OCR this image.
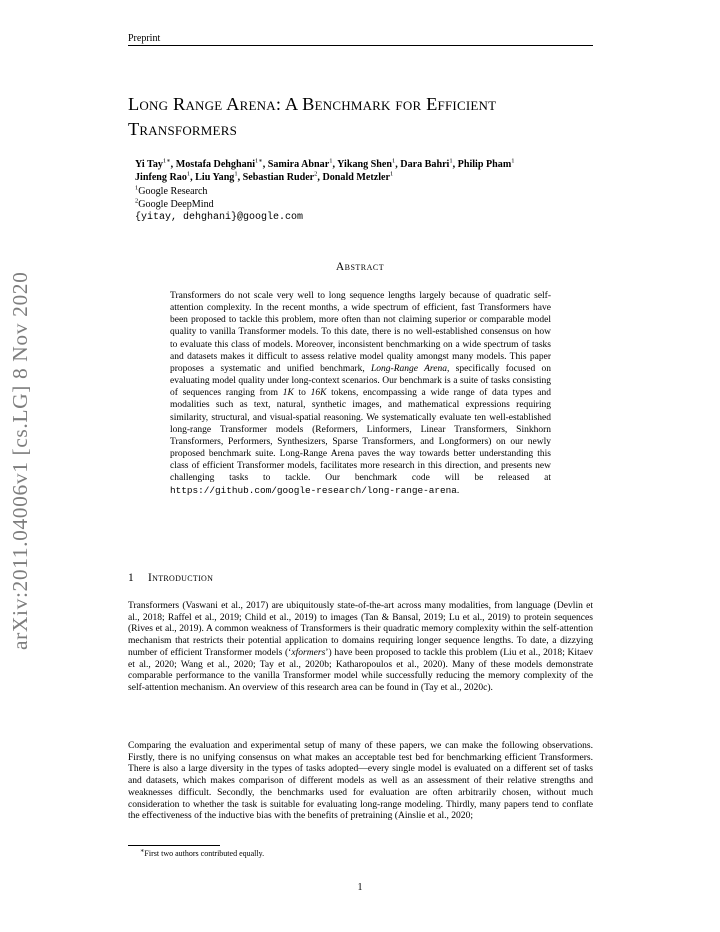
Preprint
arXiv:2011.04006v1 [cs.LG] 8 Nov 2020
Long Range Arena: A Benchmark for Efficient
Transformers
Yi Tay$^{1∗}$, Mostafa Dehghani$^{1∗}$, Samira Abnar$^1$, Yikang Shen$^1$, Dara Bahri$^1$, Philip Pham$^1$
Jinfeng Rao$^1$, Liu Yang$^1$, Sebastian Ruder$^2$, Donald Metzler$^1$
$^1$Google Research
$^2$Google DeepMind
{yitay, dehghani}@google.com
Abstract

Transformers do not scale very well to long sequence lengths largely because of quadratic self-attention complexity. In the recent months, a wide spectrum of efficient, fast Transformers have been proposed to tackle this problem, more often than not claiming superior or comparable model quality to vanilla Transformer models. To this date, there is no well-established consensus on how to evaluate this class of models. Moreover, inconsistent benchmarking on a wide spectrum of tasks and datasets makes it difficult to assess relative model quality amongst many models. This paper proposes a systematic and unified benchmark, Long-Range Arena, specifically focused on evaluating model quality under long-context scenarios. Our benchmark is a suite of tasks consisting of sequences ranging from 1K to 16K tokens, encompassing a wide range of data types and modalities such as text, natural, synthetic images, and mathematical expressions requiring similarity, structural, and visual-spatial reasoning. We systematically evaluate ten well-established long-range Transformer models (Reformers, Linformers, Linear Transformers, Sinkhorn Transformers, Performers, Synthesizers, Sparse Transformers, and Longformers) on our newly proposed benchmark suite. Long-Range Arena paves the way towards better understanding this class of efficient Transformer models, facilitates more research in this direction, and presents new challenging tasks to tackle. Our benchmark code will be released at https://github.com/google-research/long-range-arena.

1 Introduction

Transformers (Vaswani et al., 2017) are ubiquitously state-of-the-art across many modalities, from language (Devlin et al., 2018; Raffel et al., 2019; Child et al., 2019) to images (Tan & Bansal, 2019; Lu et al., 2019) to protein sequences (Rives et al., 2019). A common weakness of Transformers is their quadratic memory complexity within the self-attention mechanism that restricts their potential application to domains requiring longer sequence lengths. To date, a dizzying number of efficient Transformer models (‘xformers’) have been proposed to tackle this problem (Liu et al., 2018; Kitaev et al., 2020; Wang et al., 2020; Tay et al., 2020b; Katharopoulos et al., 2020). Many of these models demonstrate comparable performance to the vanilla Transformer model while successfully reducing the memory complexity of the self-attention mechanism. An overview of this research area can be found in (Tay et al., 2020c).

Comparing the evaluation and experimental setup of many of these papers, we can make the following observations. Firstly, there is no unifying consensus on what makes an acceptable test bed for benchmarking efficient Transformers. There is also a large diversity in the types of tasks adopted—every single model is evaluated on a different set of tasks and datasets, which makes comparison of different models as well as an assessment of their relative strengths and weaknesses difficult. Secondly, the benchmarks used for evaluation are often arbitrarily chosen, without much consideration to whether the task is suitable for evaluating long-range modeling. Thirdly, many papers tend to conflate the effectiveness of the inductive bias with the benefits of pretraining (Ainslie et al., 2020;

∗First two authors contributed equally.
1
